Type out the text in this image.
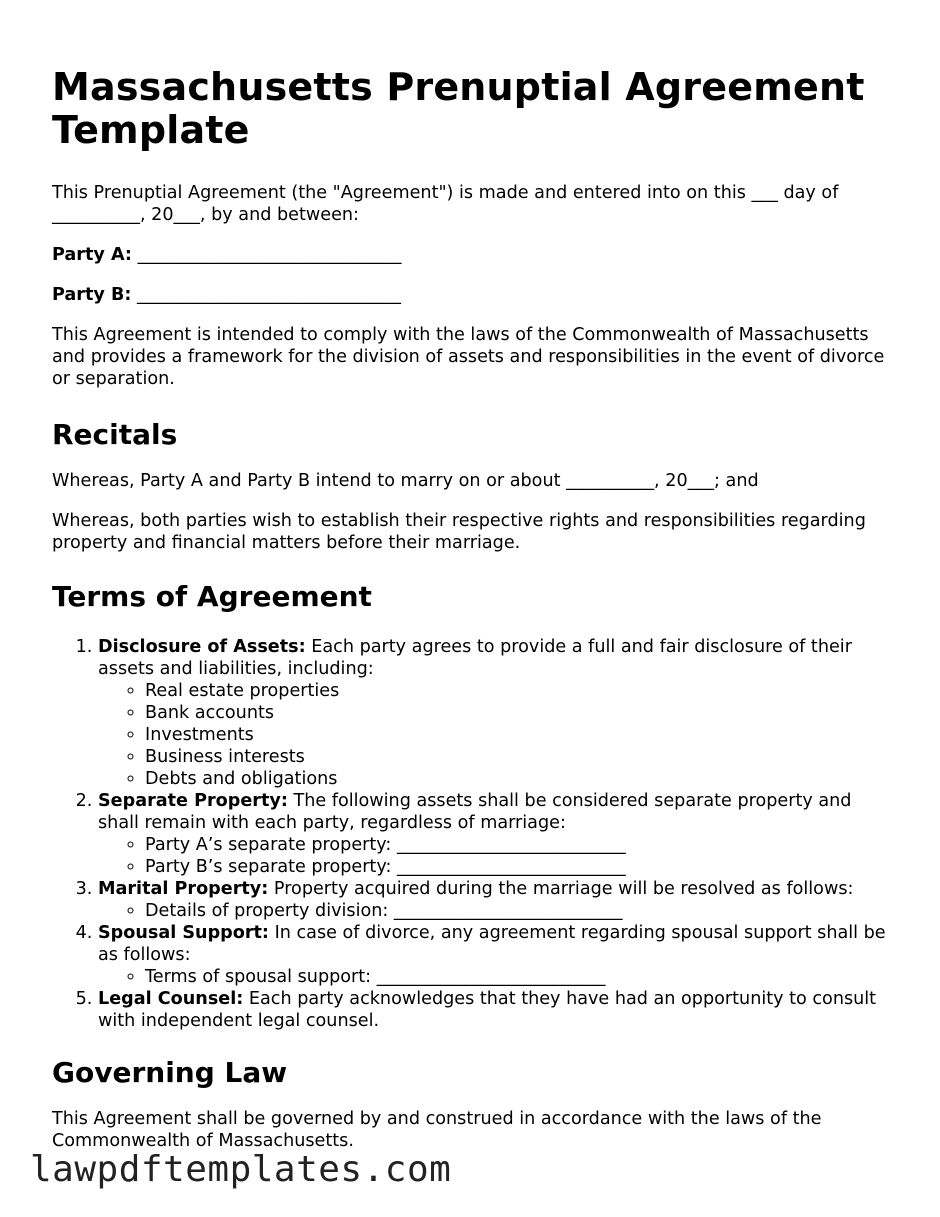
Massachusetts Prenuptial Agreement Template

This Prenuptial Agreement (the "Agreement") is made and entered into on this ___ day of __________, 20___, by and between:

Party A: ______________________________

Party B: ______________________________

This Agreement is intended to comply with the laws of the Commonwealth of Massachusetts and provides a framework for the division of assets and responsibilities in the event of divorce or separation.

Recitals

Whereas, Party A and Party B intend to marry on or about __________, 20___; and

Whereas, both parties wish to establish their respective rights and responsibilities regarding property and financial matters before their marriage.

Terms of Agreement
1. Disclosure of Assets: Each party agrees to provide a full and fair disclosure of their assets and liabilities, including:
◦ Real estate properties
◦ Bank accounts
◦ Investments
◦ Business interests
◦ Debts and obligations
2. Separate Property: The following assets shall be considered separate property and shall remain with each party, regardless of marriage:
◦ Party A’s separate property: __________________________
◦ Party B’s separate property: __________________________
3. Marital Property: Property acquired during the marriage will be resolved as follows:
◦ Details of property division: __________________________
4. Spousal Support: In case of divorce, any agreement regarding spousal support shall be as follows:
◦ Terms of spousal support: __________________________
5. Legal Counsel: Each party acknowledges that they have had an opportunity to consult with independent legal counsel.
Governing Law

This Agreement shall be governed by and construed in accordance with the laws of the Commonwealth of Massachusetts.

lawpdftemplates.com
